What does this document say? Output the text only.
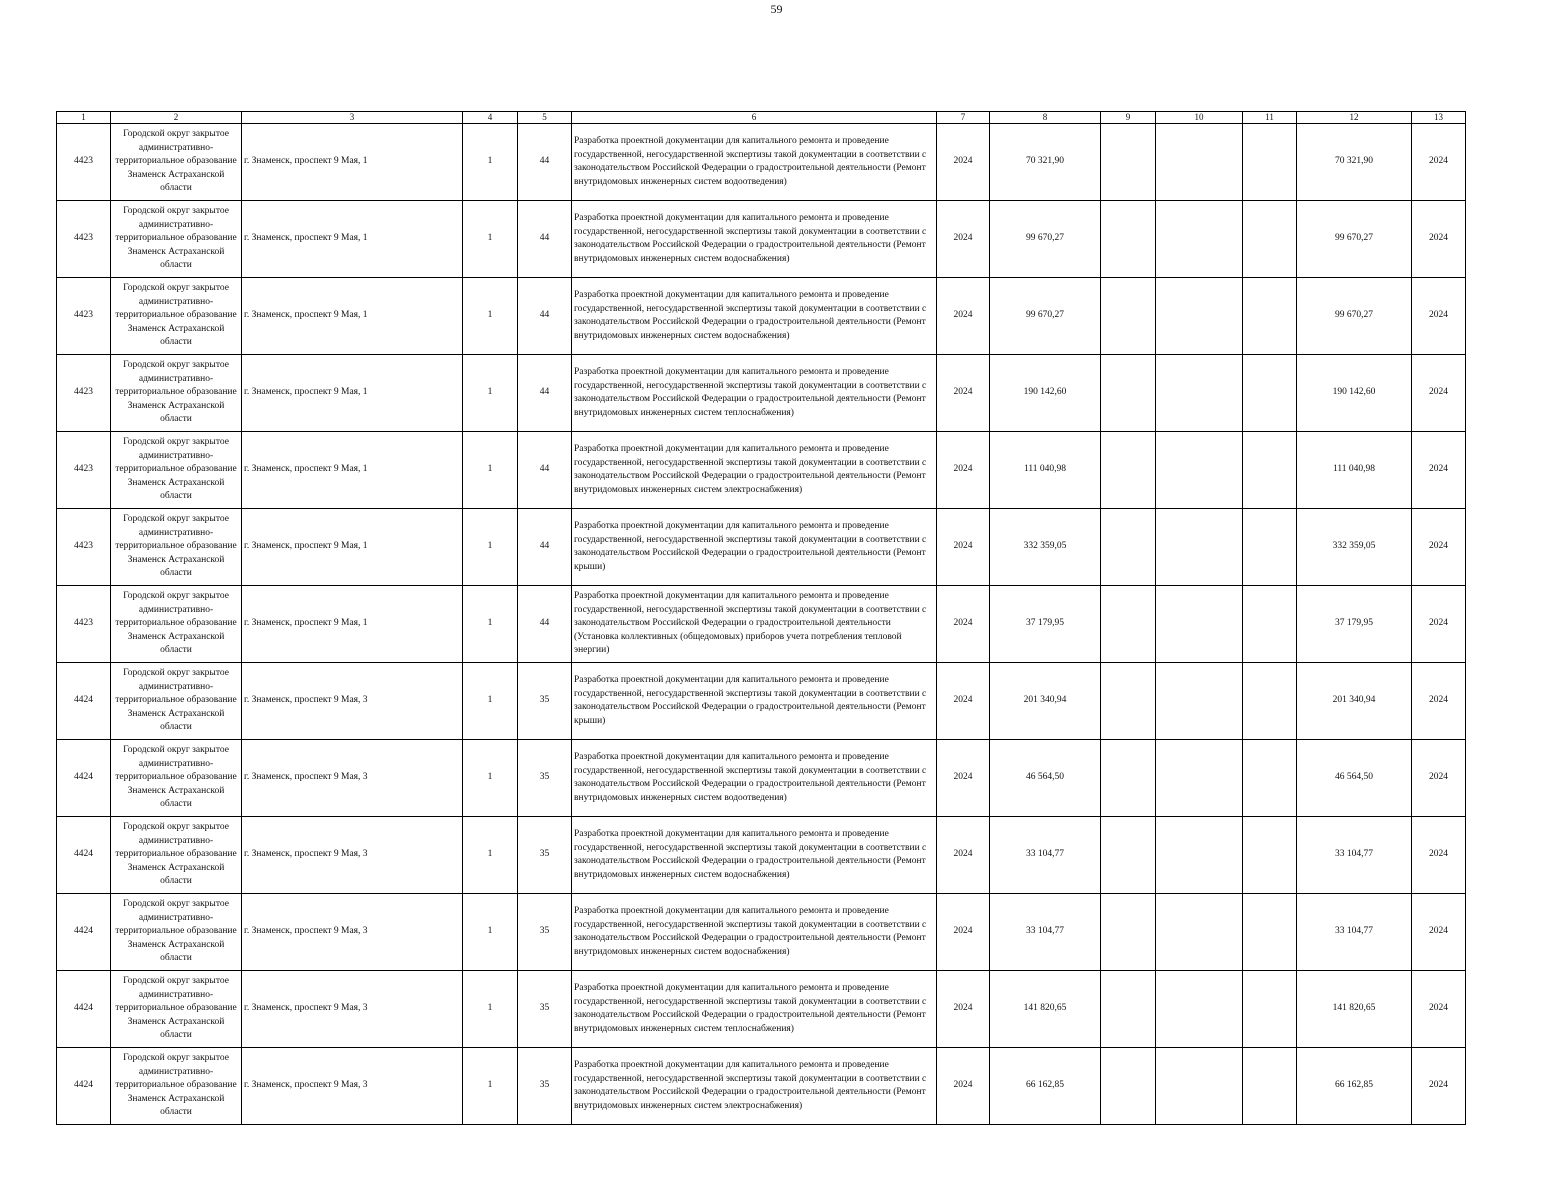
59
1	2	3	4	5	6	7	8	9	10	11	12	13
4423	Городской округ закрытое административно-территориальное образование Знаменск Астраханской области	г. Знаменск, проспект 9 Мая, 1	1	44	Разработка проектной документации для капитального ремонта и проведение государственной, негосударственной экспертизы такой документации в соответствии с законодательством Российской Федерации о градостроительной деятельности (Ремонт внутридомовых инженерных систем водоотведения)	2024	70 321,90				70 321,90	2024
4423	Городской округ закрытое административно-территориальное образование Знаменск Астраханской области	г. Знаменск, проспект 9 Мая, 1	1	44	Разработка проектной документации для капитального ремонта и проведение государственной, негосударственной экспертизы такой документации в соответствии с законодательством Российской Федерации о градостроительной деятельности (Ремонт внутридомовых инженерных систем водоснабжения)	2024	99 670,27				99 670,27	2024
4423	Городской округ закрытое административно-территориальное образование Знаменск Астраханской области	г. Знаменск, проспект 9 Мая, 1	1	44	Разработка проектной документации для капитального ремонта и проведение государственной, негосударственной экспертизы такой документации в соответствии с законодательством Российской Федерации о градостроительной деятельности (Ремонт внутридомовых инженерных систем водоснабжения)	2024	99 670,27				99 670,27	2024
4423	Городской округ закрытое административно-территориальное образование Знаменск Астраханской области	г. Знаменск, проспект 9 Мая, 1	1	44	Разработка проектной документации для капитального ремонта и проведение государственной, негосударственной экспертизы такой документации в соответствии с законодательством Российской Федерации о градостроительной деятельности (Ремонт внутридомовых инженерных систем теплоснабжения)	2024	190 142,60				190 142,60	2024
4423	Городской округ закрытое административно-территориальное образование Знаменск Астраханской области	г. Знаменск, проспект 9 Мая, 1	1	44	Разработка проектной документации для капитального ремонта и проведение государственной, негосударственной экспертизы такой документации в соответствии с законодательством Российской Федерации о градостроительной деятельности (Ремонт внутридомовых инженерных систем электроснабжения)	2024	111 040,98				111 040,98	2024
4423	Городской округ закрытое административно-территориальное образование Знаменск Астраханской области	г. Знаменск, проспект 9 Мая, 1	1	44	Разработка проектной документации для капитального ремонта и проведение государственной, негосударственной экспертизы такой документации в соответствии с законодательством Российской Федерации о градостроительной деятельности (Ремонт крыши)	2024	332 359,05				332 359,05	2024
4423	Городской округ закрытое административно-территориальное образование Знаменск Астраханской области	г. Знаменск, проспект 9 Мая, 1	1	44	Разработка проектной документации для капитального ремонта и проведение государственной, негосударственной экспертизы такой документации в соответствии с законодательством Российской Федерации о градостроительной деятельности (Установка коллективных (общедомовых) приборов учета потребления тепловой энергии)	2024	37 179,95				37 179,95	2024
4424	Городской округ закрытое административно-территориальное образование Знаменск Астраханской области	г. Знаменск, проспект 9 Мая, 3	1	35	Разработка проектной документации для капитального ремонта и проведение государственной, негосударственной экспертизы такой документации в соответствии с законодательством Российской Федерации о градостроительной деятельности (Ремонт крыши)	2024	201 340,94				201 340,94	2024
4424	Городской округ закрытое административно-территориальное образование Знаменск Астраханской области	г. Знаменск, проспект 9 Мая, 3	1	35	Разработка проектной документации для капитального ремонта и проведение государственной, негосударственной экспертизы такой документации в соответствии с законодательством Российской Федерации о градостроительной деятельности (Ремонт внутридомовых инженерных систем водоотведения)	2024	46 564,50				46 564,50	2024
4424	Городской округ закрытое административно-территориальное образование Знаменск Астраханской области	г. Знаменск, проспект 9 Мая, 3	1	35	Разработка проектной документации для капитального ремонта и проведение государственной, негосударственной экспертизы такой документации в соответствии с законодательством Российской Федерации о градостроительной деятельности (Ремонт внутридомовых инженерных систем водоснабжения)	2024	33 104,77				33 104,77	2024
4424	Городской округ закрытое административно-территориальное образование Знаменск Астраханской области	г. Знаменск, проспект 9 Мая, 3	1	35	Разработка проектной документации для капитального ремонта и проведение государственной, негосударственной экспертизы такой документации в соответствии с законодательством Российской Федерации о градостроительной деятельности (Ремонт внутридомовых инженерных систем водоснабжения)	2024	33 104,77				33 104,77	2024
4424	Городской округ закрытое административно-территориальное образование Знаменск Астраханской области	г. Знаменск, проспект 9 Мая, 3	1	35	Разработка проектной документации для капитального ремонта и проведение государственной, негосударственной экспертизы такой документации в соответствии с законодательством Российской Федерации о градостроительной деятельности (Ремонт внутридомовых инженерных систем теплоснабжения)	2024	141 820,65				141 820,65	2024
4424	Городской округ закрытое административно-территориальное образование Знаменск Астраханской области	г. Знаменск, проспект 9 Мая, 3	1	35	Разработка проектной документации для капитального ремонта и проведение государственной, негосударственной экспертизы такой документации в соответствии с законодательством Российской Федерации о градостроительной деятельности (Ремонт внутридомовых инженерных систем электроснабжения)	2024	66 162,85				66 162,85	2024
